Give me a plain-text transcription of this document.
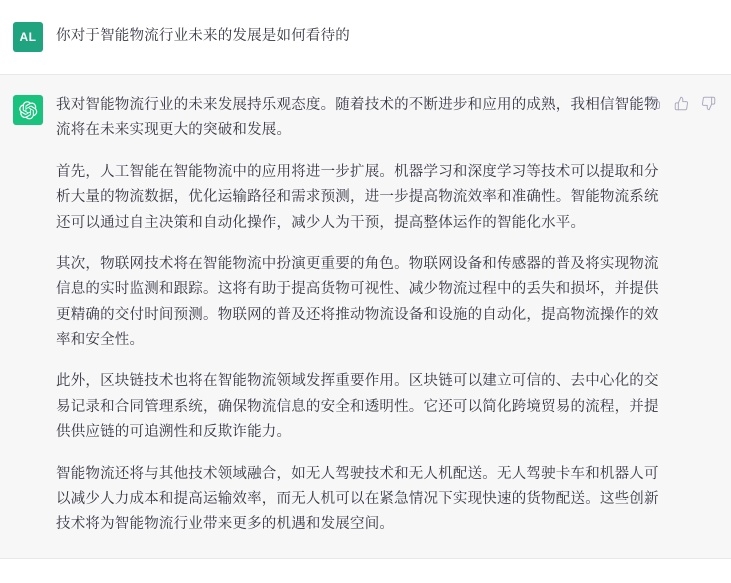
AL	你对于智能物流行业未来的发展是如何看待的

我对智能物流行业的未来发展持乐观态度。随着技术的不断进步和应用的成熟，我相信智能物流将在未来实现更大的突破和发展。

首先，人工智能在智能物流中的应用将进一步扩展。机器学习和深度学习等技术可以提取和分析大量的物流数据，优化运输路径和需求预测，进一步提高物流效率和准确性。智能物流系统还可以通过自主决策和自动化操作，减少人为干预，提高整体运作的智能化水平。

其次，物联网技术将在智能物流中扮演更重要的角色。物联网设备和传感器的普及将实现物流信息的实时监测和跟踪。这将有助于提高货物可视性、减少物流过程中的丢失和损坏，并提供更精确的交付时间预测。物联网的普及还将推动物流设备和设施的自动化，提高物流操作的效率和安全性。

此外，区块链技术也将在智能物流领域发挥重要作用。区块链可以建立可信的、去中心化的交易记录和合同管理系统，确保物流信息的安全和透明性。它还可以简化跨境贸易的流程，并提供供应链的可追溯性和反欺诈能力。

智能物流还将与其他技术领域融合，如无人驾驶技术和无人机配送。无人驾驶卡车和机器人可以减少人力成本和提高运输效率，而无人机可以在紧急情况下实现快速的货物配送。这些创新技术将为智能物流行业带来更多的机遇和发展空间。
